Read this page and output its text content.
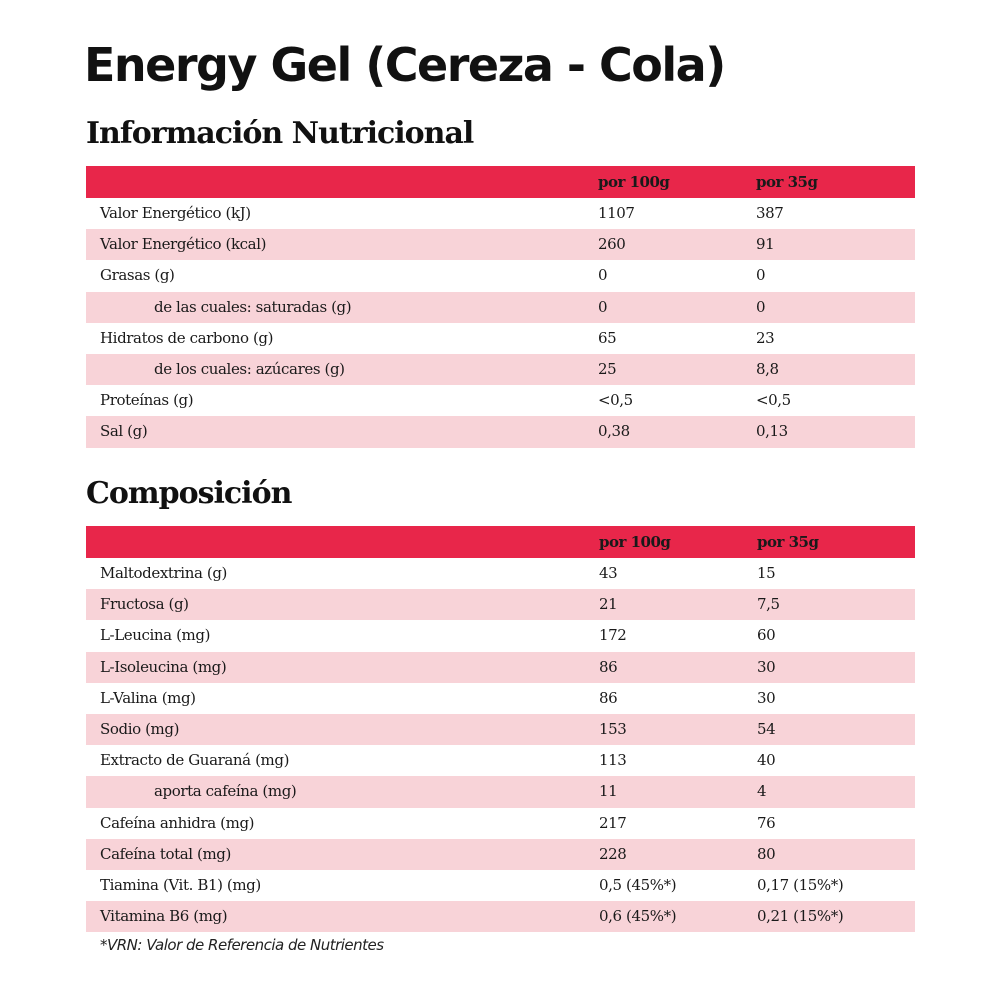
Energy Gel (Cereza - Cola)
Información Nutricional
por 100g	por 35g
Valor Energético (kJ)	1107	387
Valor Energético (kcal)	260	91
Grasas (g)	0	0
de las cuales: saturadas (g)	0	0
Hidratos de carbono (g)	65	23
de los cuales: azúcares (g)	25	8,8
Proteínas (g)	<0,5	<0,5
Sal (g)	0,38	0,13
Composición
por 100g	por 35g
Maltodextrina (g)	43	15
Fructosa (g)	21	7,5
L-Leucina (mg)	172	60
L-Isoleucina (mg)	86	30
L-Valina (mg)	86	30
Sodio (mg)	153	54
Extracto de Guaraná (mg)	113	40
aporta cafeína (mg)	11	4
Cafeína anhidra (mg)	217	76
Cafeína total (mg)	228	80
Tiamina (Vit. B1) (mg)	0,5 (45%*)	0,17 (15%*)
Vitamina B6 (mg)	0,6 (45%*)	0,21 (15%*)
*VRN: Valor de Referencia de Nutrientes
